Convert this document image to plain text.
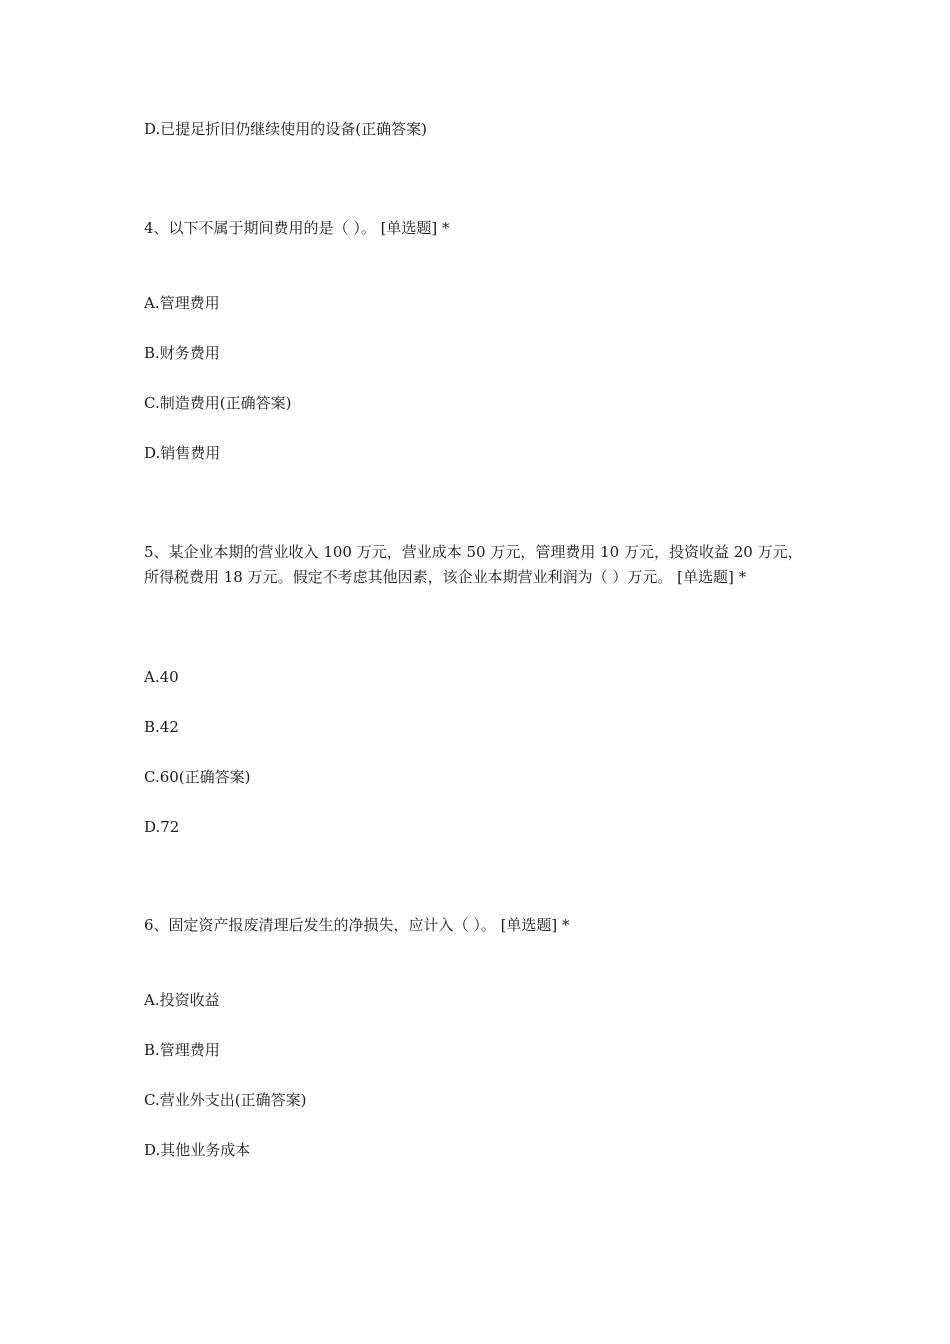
D.已提足折旧仍继续使用的设备(正确答案)
4、以下不属于期间费用的是（ ）。 [单选题] *
A.管理费用
B.财务费用
C.制造费用(正确答案)
D.销售费用
5、某企业本期的营业收入 100 万元，营业成本 50 万元，管理费用 10 万元，投资收益 20 万元，所得税费用 18 万元。假定不考虑其他因素，该企业本期营业利润为（ ）万元。 [单选题] *
A.40
B.42
C.60(正确答案)
D.72
6、固定资产报废清理后发生的净损失，应计入（ ）。 [单选题] *
A.投资收益
B.管理费用
C.营业外支出(正确答案)
D.其他业务成本
